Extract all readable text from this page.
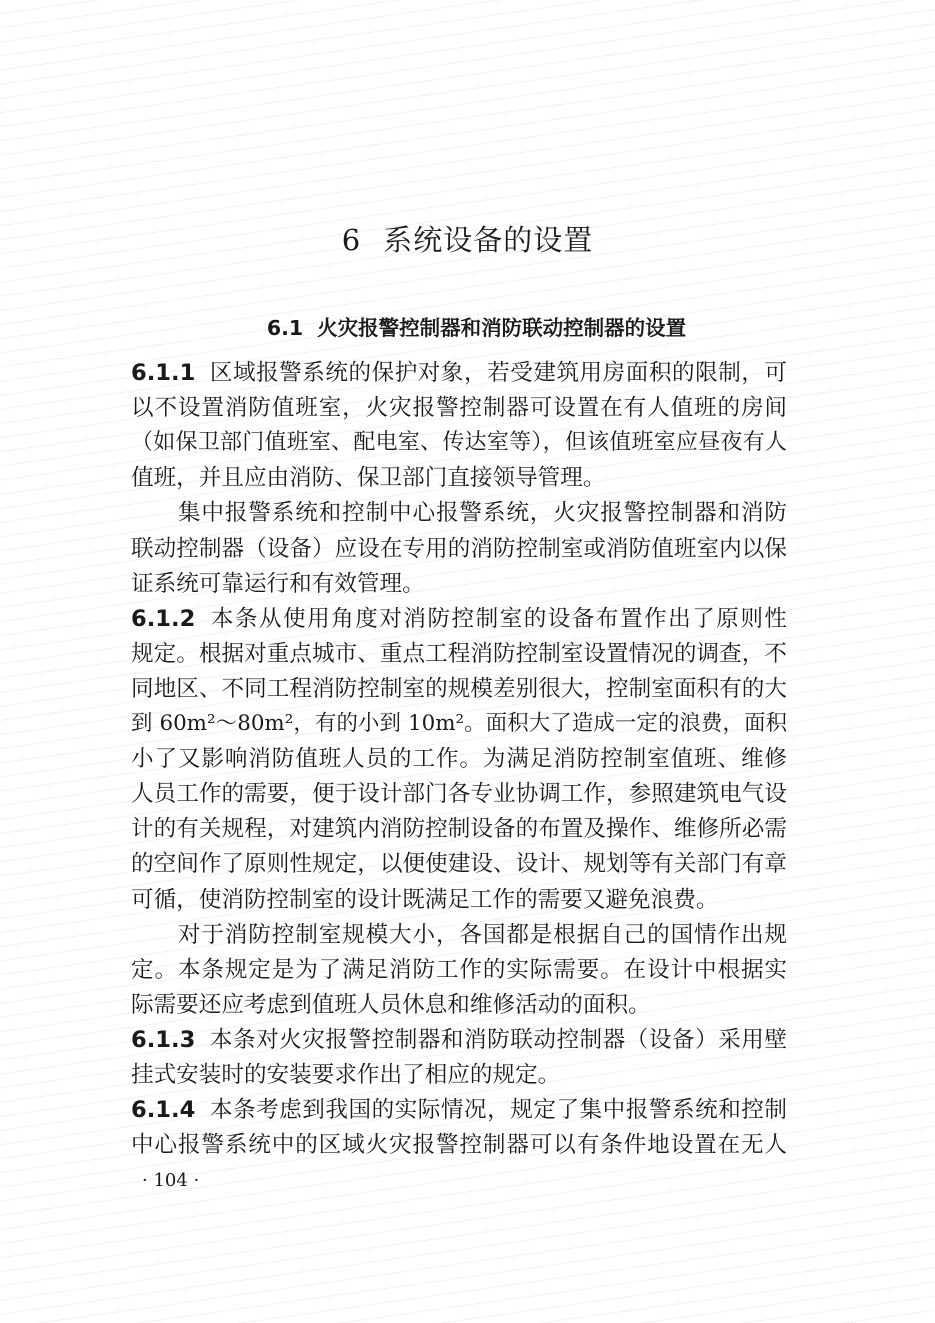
6 系统设备的设置
6.1 火灾报警控制器和消防联动控制器的设置
6.1.1 区域报警系统的保护对象，若受建筑用房面积的限制，可
以不设置消防值班室，火灾报警控制器可设置在有人值班的房间
（如保卫部门值班室、配电室、传达室等），但该值班室应昼夜有人
值班，并且应由消防、保卫部门直接领导管理。
　　集中报警系统和控制中心报警系统，火灾报警控制器和消防
联动控制器（设备）应设在专用的消防控制室或消防值班室内以保
证系统可靠运行和有效管理。
6.1.2 本条从使用角度对消防控制室的设备布置作出了原则性
规定。根据对重点城市、重点工程消防控制室设置情况的调查，不
同地区、不同工程消防控制室的规模差别很大，控制室面积有的大
到 60m²～80m²，有的小到 10m²。面积大了造成一定的浪费，面积
小了又影响消防值班人员的工作。为满足消防控制室值班、维修
人员工作的需要，便于设计部门各专业协调工作，参照建筑电气设
计的有关规程，对建筑内消防控制设备的布置及操作、维修所必需
的空间作了原则性规定，以便使建设、设计、规划等有关部门有章
可循，使消防控制室的设计既满足工作的需要又避免浪费。
　　对于消防控制室规模大小，各国都是根据自己的国情作出规
定。本条规定是为了满足消防工作的实际需要。在设计中根据实
际需要还应考虑到值班人员休息和维修活动的面积。
6.1.3 本条对火灾报警控制器和消防联动控制器（设备）采用壁
挂式安装时的安装要求作出了相应的规定。
6.1.4 本条考虑到我国的实际情况，规定了集中报警系统和控制
中心报警系统中的区域火灾报警控制器可以有条件地设置在无人
· 104 ·
